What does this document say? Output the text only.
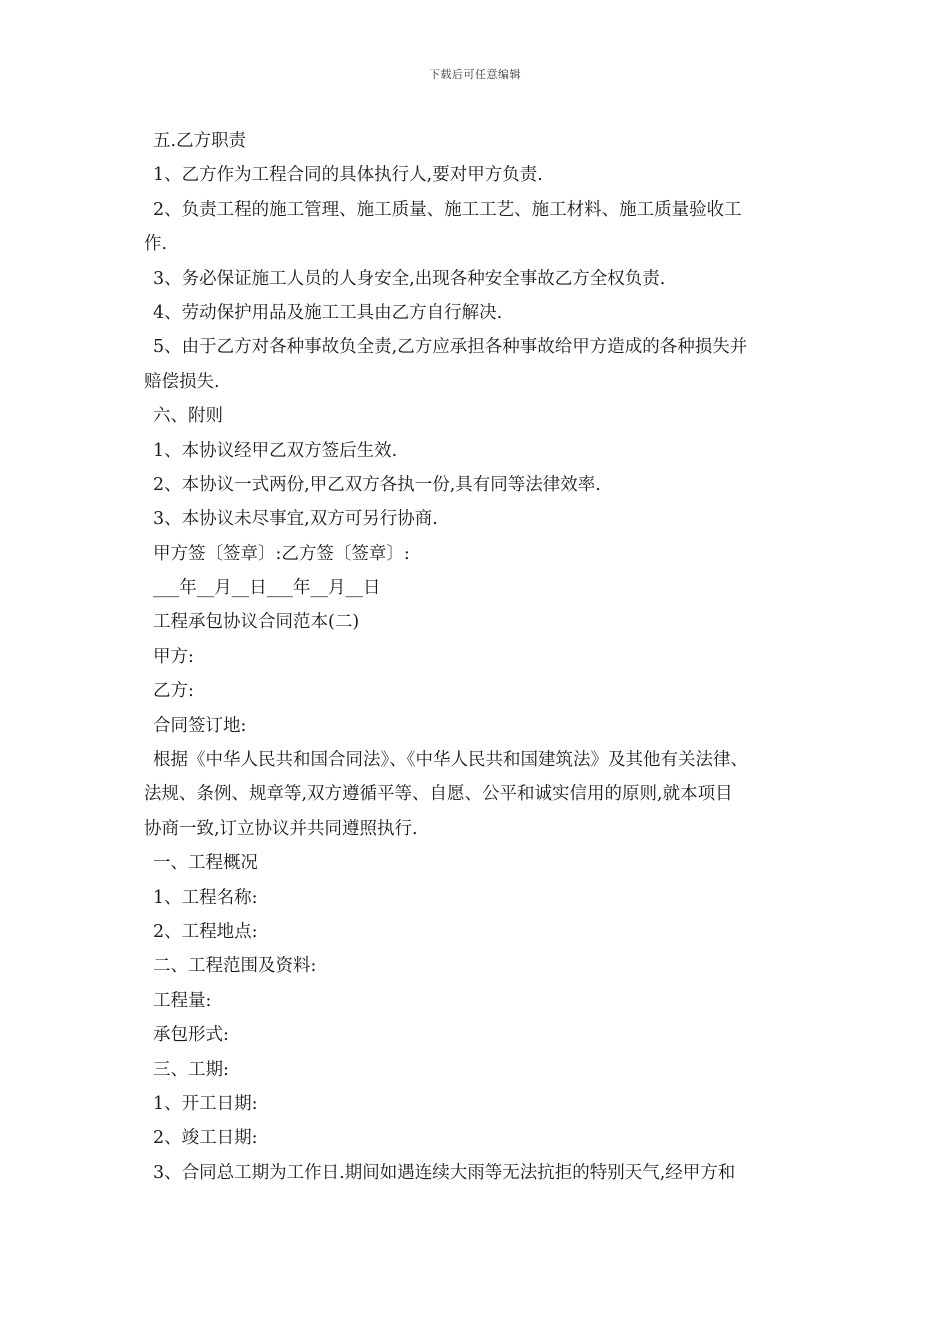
下载后可任意编辑
五.乙方职责
1、乙方作为工程合同的具体执行人,要对甲方负责.
2、负责工程的施工管理、施工质量、施工工艺、施工材料、施工质量验收工
作.
3、务必保证施工人员的人身安全,出现各种安全事故乙方全权负责.
4、劳动保护用品及施工工具由乙方自行解决.
5、由于乙方对各种事故负全责,乙方应承担各种事故给甲方造成的各种损失并
赔偿损失.
六、附则
1、本协议经甲乙双方签后生效.
2、本协议一式两份,甲乙双方各执一份,具有同等法律效率.
3、本协议未尽事宜,双方可另行协商.
甲方签〔签章〕:乙方签〔签章〕:
___年__月__日___年__月__日
工程承包协议合同范本(二)
甲方:
乙方:
合同签订地:
根据《中华人民共和国合同法》、《中华人民共和国建筑法》及其他有关法律、
法规、条例、规章等,双方遵循平等、自愿、公平和诚实信用的原则,就本项目
协商一致,订立协议并共同遵照执行.
一、工程概况
1、工程名称:
2、工程地点:
二、工程范围及资料:
工程量:
承包形式:
三、工期:
1、开工日期:
2、竣工日期:
3、合同总工期为工作日.期间如遇连续大雨等无法抗拒的特别天气,经甲方和
